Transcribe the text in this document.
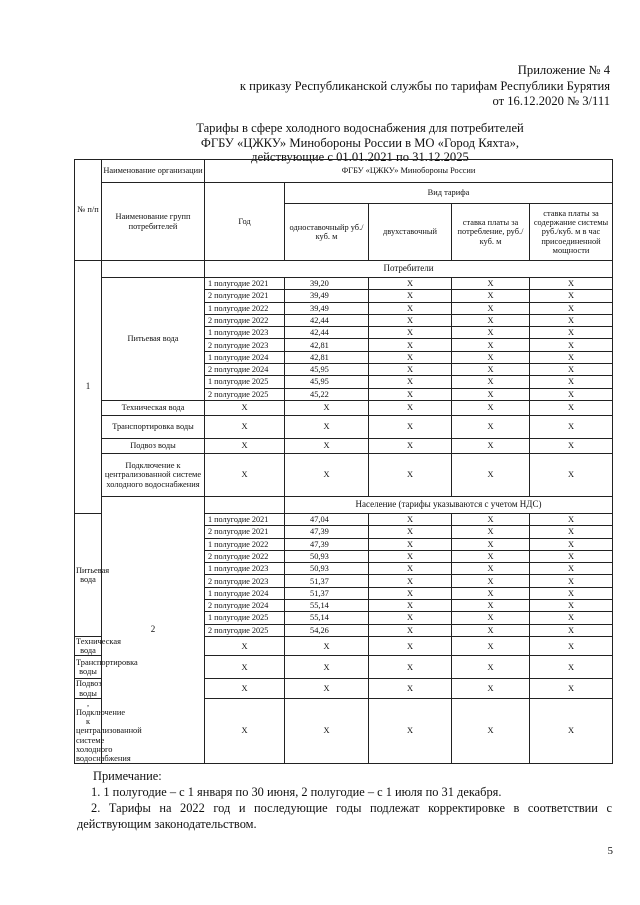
Приложение № 4
к приказу Республиканской службы по тарифам Республики Бурятия
от 16.12.2020 № 3/111
Тарифы в сфере холодного водоснабжения для потребителей
ФГБУ «ЦЖКУ» Минобороны России в МО «Город Кяхта»,
действующие с 01.01.2021 по 31.12.2025
№ п/п	Наименование организации	ФГБУ «ЦЖКУ» Минобороны России				
	Наименование групп потребителей	Год	Вид тарифа			
			одноставочныйр уб./ куб. м	двухставочный	ставка платы за потребление, руб./ куб. м	ставка платы за содержание системы руб./куб. м в час присоединенной мощности
1		Потребители				
	Питьевая вода	1 полугодие 2021	39,20	X	X	X
		2 полугодие 2021	39,49	X	X	X
		1 полугодие 2022	39,49	X	X	X
		2 полугодие 2022	42,44	X	X	X
		1 полугодие 2023	42,44	X	X	X
		2 полугодие 2023	42,81	X	X	X
		1 полугодие 2024	42,81	X	X	X
		2 полугодие 2024	45,95	X	X	X
		1 полугодие 2025	45,95	X	X	X
		2 полугодие 2025	45,22	X	X	X
	Техническая вода	X	X	X	X	X
	Транспортировка воды	X	X	X	X	X
	Подвоз воды	X	X	X	X	X
	Подключение к централизованной системе холодного водоснабжения	X	X	X	X	X
	2		Население (тарифы указываются с учетом НДС)			
Питьевая вода		1 полугодие 2021	47,04	X	X	X
		2 полугодие 2021	47,39	X	X	X
		1 полугодие 2022	47,39	X	X	X
		2 полугодие 2022	50,93	X	X	X
		1 полугодие 2023	50,93	X	X	X
		2 полугодие 2023	51,37	X	X	X
		1 полугодие 2024	51,37	X	X	X
		2 полугодие 2024	55,14	X	X	X
		1 полугодие 2025	55,14	X	X	X
		2 полугодие 2025	54,26	X	X	X
Техническая вода		X	X	X	X	X
Транспортировка воды		X	X	X	X	X
Подвоз воды		X	X	X	X	X
, Подключение к централизованной системе холодного водоснабжения		X	X	X	X	X
Примечание:
1. 1 полугодие – с 1 января по 30 июня, 2 полугодие – с 1 июля по 31 декабря.
2. Тарифы на 2022 год и последующие годы подлежат корректировке в соответствии с действующим законодательством.
5
